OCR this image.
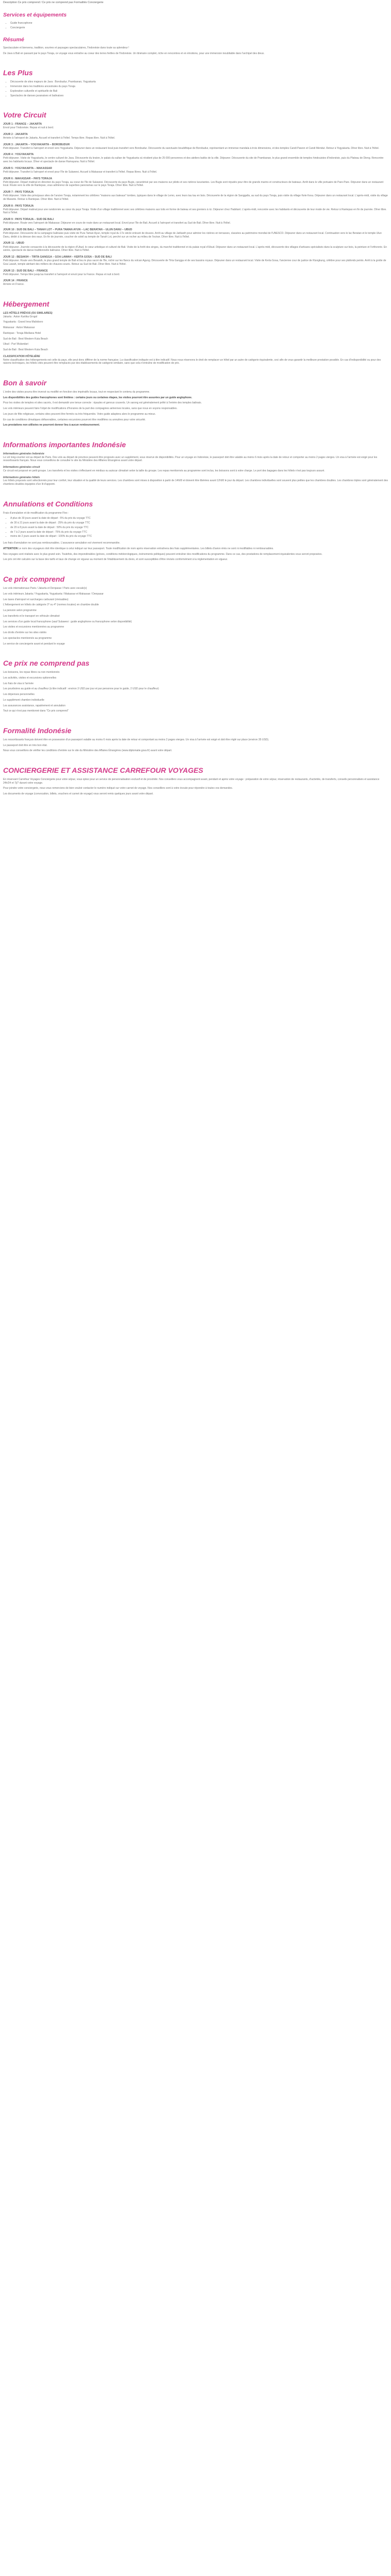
Description Ce prix comprend / Ce prix ne comprend pas Formalités Conciergerie
Services et équipements
• Guide francophone
• Conciergerie
Résumé

Spectaculaire et bienvenu, tradition, sourires et paysages spectaculaires, l'Indonésie dans toute sa splendeur !

De Java à Bali en passant par le pays Toraja, ce voyage vous entraîne au coeur des terres fertiles de l'Indonésie. Un itinéraire complet, riche en rencontres et en émotions, pour une immersion inoubliable dans l'archipel des dieux.

Les Plus
• Découverte de sites majeurs de Java : Borobudur, Prambanan, Yogyakarta
• Immersion dans les traditions ancestrales du pays Toraja
• Exploration culturelle et spirituelle de Bali
• Spectacles de danses javanaises et balinaises
Votre Circuit
JOUR 1 : FRANCE – JAKARTA

Envol pour l'Indonésie. Repas et nuit à bord.

JOUR 2 : JAKARTA

Arrivée à l'aéroport de Jakarta. Accueil et transfert à l'hôtel. Temps libre. Repas libre. Nuit à l'hôtel.

JOUR 3 : JAKARTA – YOGYAKARTA – BOROBUDUR

Petit déjeuner. Transfert à l'aéroport et envol vers Yogyakarta. Déjeuner dans un restaurant local puis transfert vers Borobudur. Découverte du sanctuaire bouddhique de Borobudur, représentant un immense mandala à trois dimensions, et des temples Candi Pawon et Candi Mendut. Retour à Yogyakarta. Dîner libre. Nuit à l'hôtel.

JOUR 4 : YOGYAKARTA

Petit déjeuner. Visite de Yogyakarta, le centre culturel de Java. Découverte du kraton, le palais du sultan de Yogyakarta où résident plus de 25 000 personnes et des ateliers batiks de la ville. Déjeuner. Découverte du site de Prambanan, le plus grand ensemble de temples hindouistes d'Indonésie, puis du Plateau de Dieng. Rencontre avec les habitants locaux. Dîner et spectacle de danse Ramayana. Nuit à l'hôtel.

JOUR 5 : YOGYAKARTA – MAKASSAR

Petit déjeuner. Transfert à l'aéroport et envol pour l'île de Sulawesi. Accueil à Makassar et transfert à l'hôtel. Repas libres. Nuit à l'hôtel.

JOUR 6 : MAKASSAR – PAYS TORAJA

Petit déjeuner. Départ matinal en direction du pays Toraja, au coeur de l'île de Sulawesi. Découverte du pays Bugis, caractérisé par ses maisons sur pilotis et ses rizières luxuriantes. Les Bugis sont réputés pour être de grands marins et constructeurs de bateaux. Arrêt dans le ville portuaire de Pare-Pare. Déjeuner dans un restaurant local. Route vers la ville de Rantepao, vous admirerez de superbes panoramas sur le pays Toraja. Dîner libre. Nuit à l'hôtel.

JOUR 7 : PAYS TORAJA

Petit déjeuner. Visite des principaux sites de l'ancien Toraja, notamment les célèbres "maisons aux bateaux" tombes, typiques dans le village de Lemo, avec leurs tau tau en bois. Découverte de la région de Sanggalla, au sud du pays Toraja, puis visite du village Kete Kesu. Déjeuner dans un restaurant local. L'après-midi, visite du village de Marante. Retour à Rantepao. Dîner libre. Nuit à l'hôtel.

JOUR 8 : PAYS TORAJA

Petit déjeuner. Départ matinal pour une randonnée au cœur du pays Toraja. Visite d'un village traditionnel avec ses célèbres maisons aux toits en forme de bateau et ses greniers à riz. Déjeuner chez l'habitant. L'après-midi, rencontre avec les habitants et découverte de leur mode de vie. Retour à Rantepao en fin de journée. Dîner libre. Nuit à l'hôtel.

JOUR 9 : PAYS TORAJA – SUD DE BALI

Petit déjeuner. Route vers l'aéroport de Makassar. Déjeuner en cours de route dans un restaurant local. Envol pour l'île de Bali. Accueil à l'aéroport et transfert au Sud de Bali. Dîner libre. Nuit à l'hôtel.

JOUR 10 : SUD DE BALI – TANAH LOT – PURA TAMAN AYUN – LAC BERATAN – ULUN DANU – UBUD

Petit déjeuner. Découverte de la campagne balinaise puis visite de Pura Taman Ayun, temple royal du 17e siècle entouré de douves. Arrêt au village de Jatiluwih pour admirer les rizières en terrasses, classées au patrimoine mondial de l'UNESCO. Déjeuner dans un restaurant local. Continuation vers le lac Beratan et le temple Ulun Danu, dédié à la déesse des eaux. En fin de journée, coucher de soleil au temple de Tanah Lot, perché sur un rocher au milieu de l'océan. Dîner libre. Nuit à l'hôtel.

JOUR 11 : UBUD

Petit déjeuner. Journée consacrée à la découverte de la région d'Ubud, le cœur artistique et culturel de Bali. Visite de la forêt des singes, du marché traditionnel et du palais royal d'Ubud. Déjeuner dans un restaurant local. L'après-midi, découverte des villages d'artisans spécialisés dans la sculpture sur bois, la peinture et l'orfèvrerie. En soirée, spectacle de danse traditionnelle balinaise. Dîner libre. Nuit à l'hôtel.

JOUR 12 : BESAKIH – TIRTA GANGGA – GOA LAWAH – KERTA GOSA – SUD DE BALI

Petit déjeuner. Route vers Besakih, le plus grand temple de Bali et lieu le plus sacré de l'île, niché sur les flancs du volcan Agung. Découverte de Tirta Gangga et de ses bassins royaux. Déjeuner dans un restaurant local. Visite de Kerta Gosa, l'ancienne cour de justice de Klungkung, célèbre pour ses plafonds peints. Arrêt à la grotte de Goa Lawah, temple abritant des milliers de chauves-souris. Retour au Sud de Bali. Dîner libre. Nuit à l'hôtel.

JOUR 13 : SUD DE BALI – FRANCE

Petit déjeuner. Temps libre jusqu'au transfert à l'aéroport et envol pour la France. Repas et nuit à bord.

JOUR 14 : FRANCE

Arrivée en France.

Hébergement
LES HÔTELS PRÉVUS (OU SIMILAIRES)

Jakarta : Aston Kartika Grogol

Yogyakarta : Grand Inna Malioboro

Makassar : Aston Makassar

Rantepao : Toraja Misiliana Hotel

Sud de Bali : Best Western Kuta Beach

Ubud : Puri Wulandari

Sud de Bali : Best Western Kuta Beach

CLASSIFICATION HÔTELIÈRE

Notre classification des hébergements est celle du pays, elle peut donc différer de la norme française. La classification indiquée est à titre indicatif. Nous nous réservons le droit de remplacer un hôtel par un autre de catégorie équivalente, ceci afin de vous garantir la meilleure prestation possible. En cas d'indisponibilité ou pour des raisons techniques, les hôtels cités peuvent être remplacés par des établissements de catégorie similaire, sans que cela n'entraîne de modification de prix.

Bon à savoir

L'ordre des visites pourra être inversé ou modifié en fonction des impératifs locaux, tout en respectant le contenu du programme.

Les disponibilités des guides francophones sont limitées : certains jours ou certaines étapes, les visites pourront être assurées par un guide anglophone.

Pour les visites de temples et sites sacrés, il est demandé une tenue correcte : épaules et genoux couverts. Un sarong est généralement prêté à l'entrée des temples balinais.

Les vols intérieurs peuvent faire l'objet de modifications d'horaires de la part des compagnies aériennes locales, sans que nous en soyons responsables.

Les jours de fête religieuse, certains sites peuvent être fermés ou très fréquentés. Votre guide adaptera alors le programme au mieux.

En cas de conditions climatiques défavorables, certaines excursions pourront être modifiées ou annulées pour votre sécurité.

Les prestations non utilisées ne pourront donner lieu à aucun remboursement.

Informations importantes Indonésie
Informations générales Indonésie

Le vol long-courrier est au départ de Paris. Des vols au départ de province peuvent être proposés avec un supplément, sous réserve de disponibilités. Pour un voyage en Indonésie, le passeport doit être valable au moins 6 mois après la date de retour et comporter au moins 2 pages vierges. Un visa à l'arrivée est exigé pour les ressortissants français. Nous vous conseillons de consulter le site du Ministère des Affaires Étrangères avant votre départ.

Informations générales circuit

Ce circuit est proposé en petit groupe. Les transferts et les visites s'effectuent en minibus ou autocar climatisé selon la taille du groupe. Les repas mentionnés au programme sont inclus, les boissons sont à votre charge. Le port des bagages dans les hôtels n'est pas toujours assuré.

Informations générales hôtels

Les hôtels proposés sont sélectionnés pour leur confort, leur situation et la qualité de leurs services. Les chambres sont mises à disposition à partir de 14h00 et doivent être libérées avant 12h00 le jour du départ. Les chambres individuelles sont souvent plus petites que les chambres doubles. Les chambres triples sont généralement des chambres doubles équipées d'un lit d'appoint.

Annulations et Conditions

Frais d'annulation et de modification du programme Flex :

• A plus de 30 jours avant la date de départ : 5% du prix du voyage TTC
• de 30 à 21 jours avant la date de départ : 25% du prix du voyage TTC
• de 20 à 8 jours avant la date de départ : 50% du prix du voyage TTC
• de 7 à 2 jours avant la date de départ : 75% du prix du voyage TTC
• moins de 2 jours avant la date de départ : 100% du prix du voyage TTC

Les frais d'annulation ne sont pas remboursables. L'assurance annulation est vivement recommandée.

ATTENTION Le nom des voyageurs doit être identique à celui indiqué sur leur passeport. Toute modification de nom après réservation entraînera des frais supplémentaires. Les billets d'avion émis ne sont ni modifiables ni remboursables.

Nos voyages sont réalisés avec le plus grand soin. Toutefois, des impondérables (grèves, conditions météorologiques, événements politiques) peuvent entraîner des modifications du programme. Dans ce cas, des prestations de remplacement équivalentes vous seront proposées.

Les prix ont été calculés sur la base des tarifs et taux de change en vigueur au moment de l'établissement du devis, et sont susceptibles d'être révisés conformément à la réglementation en vigueur.

Ce prix comprend

Les vols internationaux Paris / Jakarta et Denpasar / Paris avec escale(s)

Les vols intérieurs Jakarta / Yogyakarta, Yogyakarta / Makassar et Makassar / Denpasar

Les taxes d'aéroport et surcharges carburant (révisables)

L'hébergement en hôtels de catégorie 3* ou 4* (normes locales) en chambre double

La pension selon programme

Les transferts et le transport en véhicule climatisé

Les services d'un guide local francophone (sauf Sulawesi : guide anglophone ou francophone selon disponibilité)

Les visites et excursions mentionnées au programme

Les droits d'entrée sur les sites visités

Les spectacles mentionnés au programme

Le service de conciergerie avant et pendant le voyage

Ce prix ne comprend pas

Les boissons, les repas libres ou non mentionnés

Les activités, visites et excursions optionnelles

Les frais de visa à l'arrivée

Les pourboires au guide et au chauffeur (à titre indicatif : environ 3 USD par jour et par personne pour le guide, 2 USD pour le chauffeur)

Les dépenses personnelles

Le supplément chambre individuelle

Les assurances assistance, rapatriement et annulation

Tout ce qui n'est pas mentionné dans "Ce prix comprend"

Formalité Indonésie

Les ressortissants français doivent être en possession d'un passeport valable au moins 6 mois après la date de retour et comportant au moins 2 pages vierges. Un visa à l'arrivée est exigé et doit être réglé sur place (environ 35 USD).

Le passeport doit être en très bon état.

Nous vous conseillons de vérifier les conditions d'entrée sur le site du Ministère des Affaires Étrangères (www.diplomatie.gouv.fr) avant votre départ.

CONCIERGERIE ET ASSISTANCE CARREFOUR VOYAGES

En réservant Carrefour Voyages Conciergerie pour votre séjour, vous optez pour un service de personnalisation exclusif et de proximité. Nos conseillers vous accompagnent avant, pendant et après votre voyage : préparation de votre séjour, réservation de restaurants, d'activités, de transferts, conseils personnalisés et assistance 24h/24 et 7j/7 durant votre voyage.

Pour joindre votre conciergerie, nous vous remercions de bien vouloir contacter le numéro indiqué sur votre carnet de voyage. Nos conseillers sont à votre écoute pour répondre à toutes vos demandes.

Les documents de voyage (convocation, billets, vouchers et carnet de voyage) vous seront remis quelques jours avant votre départ.
